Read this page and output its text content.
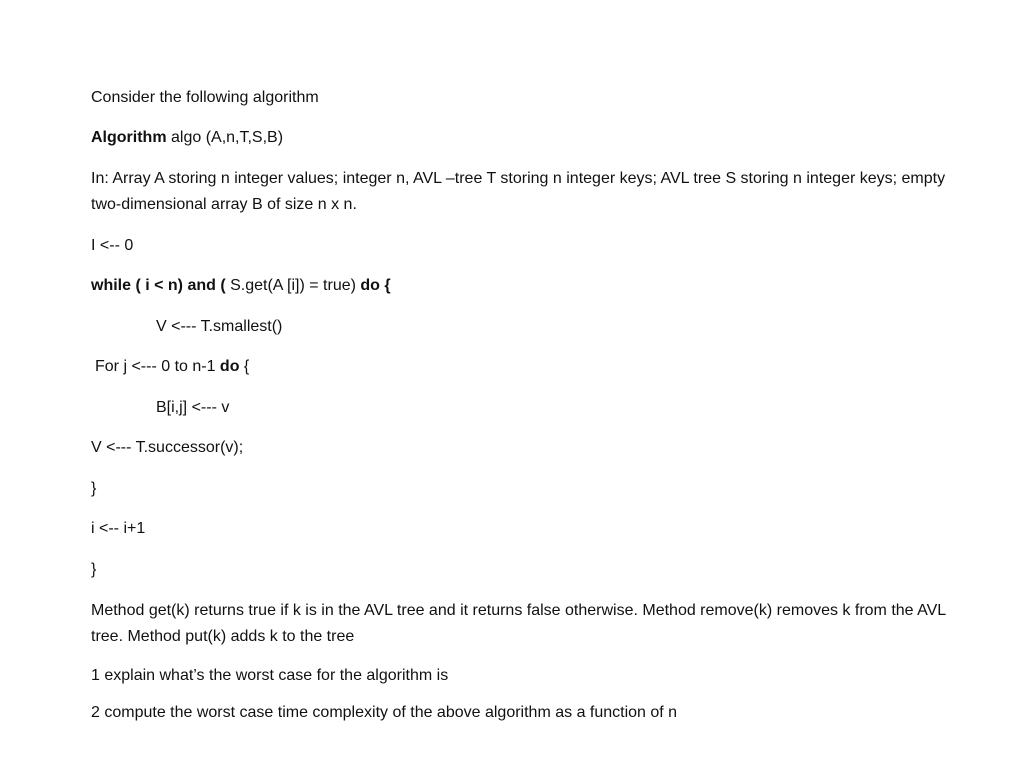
Consider the following algorithm
Algorithm algo (A,n,T,S,B)
In: Array A storing n integer values; integer n, AVL –tree T storing n integer keys; AVL tree S storing n integer keys; empty two-dimensional array B of size n x n.
I <-- 0
while ( i < n) and ( S.get(A [i]) = true) do {
V <--- T.smallest()
For j <--- 0 to n-1 do {
B[i,j] <--- v
V <--- T.successor(v);
}
i <-- i+1
}
Method get(k) returns true if k is in the AVL tree and it returns false otherwise. Method remove(k) removes k from the AVL tree. Method put(k) adds k to the tree
1 explain what’s the worst case for the algorithm is
2 compute the worst case time complexity of the above algorithm as a function of n
